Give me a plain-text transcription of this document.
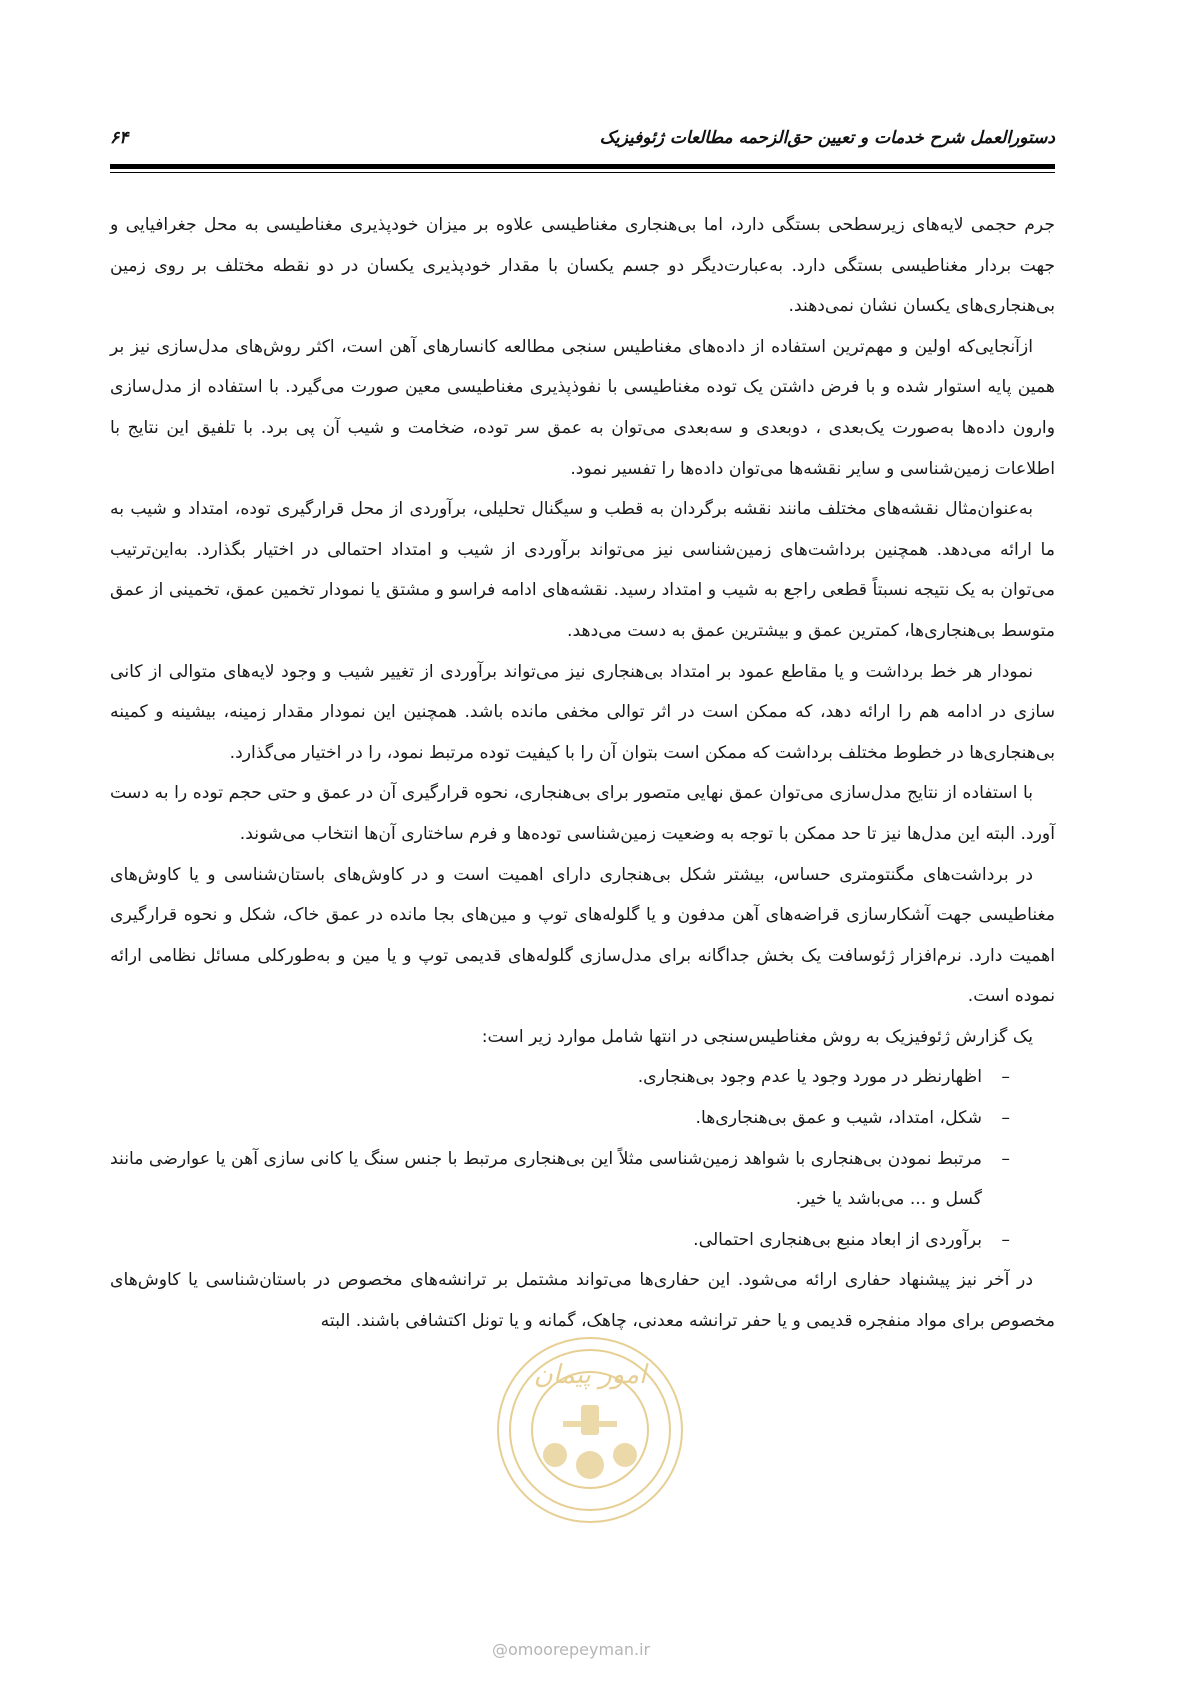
دستورالعمل شرح خدمات و تعیین حق‌الزحمه مطالعات ژئوفیزیک
۶۴

جرم حجمی لایه‌های زیرسطحی بستگی دارد، اما بی‌هنجاری مغناطیسی علاوه بر میزان خودپذیری مغناطیسی به محل جغرافیایی و جهت بردار مغناطیسی بستگی دارد. به‌عبارت‌دیگر دو جسم یکسان با مقدار خودپذیری یکسان در دو نقطه مختلف بر روی زمین بی‌هنجاری‌های یکسان نشان نمی‌دهند.

ازآنجایی‌که اولین و مهم‌ترین استفاده از داده‌های مغناطیس سنجی مطالعه کانسارهای آهن است، اکثر روش‌های مدل‌سازی نیز بر همین پایه استوار شده و با فرض داشتن یک توده مغناطیسی با نفوذپذیری مغناطیسی معین صورت می‌گیرد. با استفاده از مدل‌سازی وارون داده‌ها به‌صورت یک‌بعدی ، دوبعدی و سه‌بعدی می‌توان به عمق سر توده، ضخامت و شیب آن پی برد. با تلفیق این نتایج با اطلاعات زمین‌شناسی و سایر نقشه‌ها می‌توان داده‌ها را تفسیر نمود.

به‌عنوان‌مثال نقشه‌های مختلف مانند نقشه برگردان به قطب و سیگنال تحلیلی، برآوردی از محل قرارگیری توده، امتداد و شیب به ما ارائه می‌دهد. همچنین برداشت‌های زمین‌شناسی نیز می‌تواند برآوردی از شیب و امتداد احتمالی در اختیار بگذارد. به‌این‌ترتیب می‌توان به یک نتیجه نسبتاً قطعی راجع به شیب و امتداد رسید. نقشه‌های ادامه فراسو و مشتق یا نمودار تخمین عمق، تخمینی از عمق متوسط بی‌هنجاری‌ها، کمترین عمق و بیشترین عمق به دست می‌دهد.

نمودار هر خط برداشت و یا مقاطع عمود بر امتداد بی‌هنجاری نیز می‌تواند برآوردی از تغییر شیب و وجود لایه‌های متوالی از کانی سازی در ادامه هم را ارائه دهد، که ممکن است در اثر توالی مخفی مانده باشد. همچنین این نمودار مقدار زمینه، بیشینه و کمینه بی‌هنجاری‌ها در خطوط مختلف برداشت که ممکن است بتوان آن را با کیفیت توده مرتبط نمود، را در اختیار می‌گذارد.

با استفاده از نتایج مدل‌سازی می‌توان عمق نهایی متصور برای بی‌هنجاری، نحوه قرارگیری آن در عمق و حتی حجم توده را به دست آورد. البته این مدل‌ها نیز تا حد ممکن با توجه به وضعیت زمین‌شناسی توده‌ها و فرم ساختاری آن‌ها انتخاب می‌شوند.

در برداشت‌های مگنتومتری حساس، بیشتر شکل بی‌هنجاری دارای اهمیت است و در کاوش‌های باستان‌شناسی و یا کاوش‌های مغناطیسی جهت آشکارسازی قراضه‌های آهن مدفون و یا گلوله‌های توپ و مین‌های بجا مانده در عمق خاک، شکل و نحوه قرارگیری اهمیت دارد. نرم‌افزار ژئوسافت یک بخش جداگانه برای مدل‌سازی گلوله‌های قدیمی توپ و یا مین و به‌طورکلی مسائل نظامی ارائه نموده است.

یک گزارش ژئوفیزیک به روش مغناطیس‌سنجی در انتها شامل موارد زیر است:

–
اظهارنظر در مورد وجود یا عدم وجود بی‌هنجاری.
–
شکل، امتداد، شیب و عمق بی‌هنجاری‌ها.
–
مرتبط نمودن بی‌هنجاری با شواهد زمین‌شناسی مثلاً این بی‌هنجاری مرتبط با جنس سنگ یا کانی سازی آهن یا عوارضی مانند گسل و ... می‌باشد یا خیر.
–
برآوردی از ابعاد منبع بی‌هنجاری احتمالی.

در آخر نیز پیشنهاد حفاری ارائه می‌شود. این حفاری‌ها می‌تواند مشتمل بر ترانشه‌های مخصوص در باستان‌شناسی یا کاوش‌های مخصوص برای مواد منفجره قدیمی و یا حفر ترانشه معدنی، چاهک، گمانه و یا تونل اکتشافی باشند. البته

امور پیمان
@omoorepeyman.ir
